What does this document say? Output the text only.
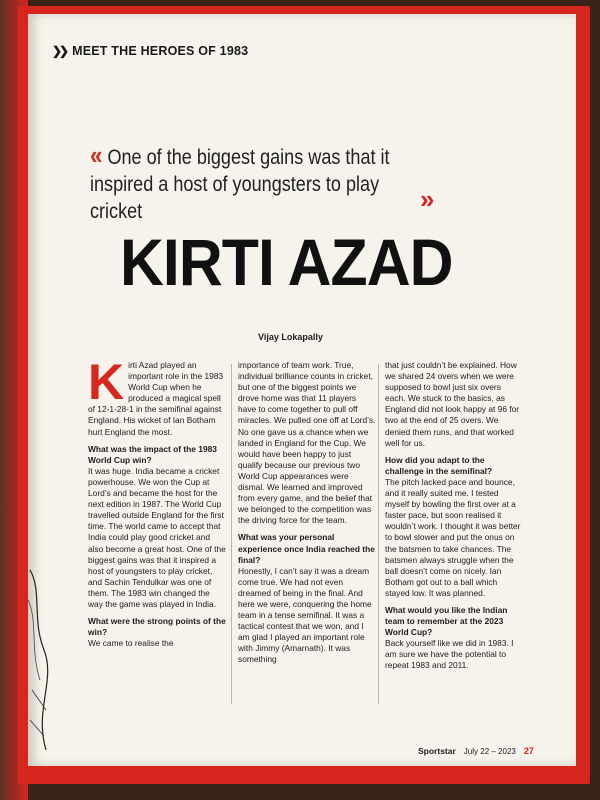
❯❯ MEET THE HEROES OF 1983
« One of the biggest gains was that it inspired a host of youngsters to play cricket	»
KIRTI AZAD
Vijay Lokapally

K irti Azad played an important role in the 1983 World Cup when he produced a magical spell of 12-1-28-1 in the semifinal against England. His wicket of Ian Botham hurt England the most.

What was the impact of the 1983 World Cup win?

It was huge. India became a cricket powerhouse. We won the Cup at Lord’s and became the host for the next edition in 1987. The World Cup travelled outside England for the first time. The world came to accept that India could play good cricket and also become a great host. One of the biggest gains was that it inspired a host of youngsters to play cricket, and Sachin Tendulkar was one of them. The 1983 win changed the way the game was played in India.

What were the strong points of the win?

We came to realise the

importance of team work. True, individual brilliance counts in cricket, but one of the biggest points we drove home was that 11 players have to come together to pull off miracles. We pulled one off at Lord’s. No one gave us a chance when we landed in England for the Cup. We would have been happy to just qualify because our previous two World Cup appearances were dismal. We learned and improved from every game, and the belief that we belonged to the competition was the driving force for the team.

What was your personal experience once India reached the final?

Honestly, I can’t say it was a dream come true. We had not even dreamed of being in the final. And here we were, conquering the home team in a tense semifinal. It was a tactical contest that we won, and I am glad I played an important role with Jimmy (Amarnath). It was something

that just couldn’t be explained. How we shared 24 overs when we were supposed to bowl just six overs each. We stuck to the basics, as England did not look happy at 96 for two at the end of 25 overs. We denied them runs, and that worked well for us.

How did you adapt to the challenge in the semifinal?

The pitch lacked pace and bounce, and it really suited me. I tested myself by bowling the first over at a faster pace, but soon realised it wouldn’t work. I thought it was better to bowl slower and put the onus on the batsmen to take chances. The batsmen always struggle when the ball doesn’t come on nicely. Ian Botham got out to a ball which stayed low. It was planned.

What would you like the Indian team to remember at the 2023 World Cup?

Back yourself like we did in 1983. I am sure we have the potential to repeat 1983 and 2011.

Sportstar July 22 – 2023 27
